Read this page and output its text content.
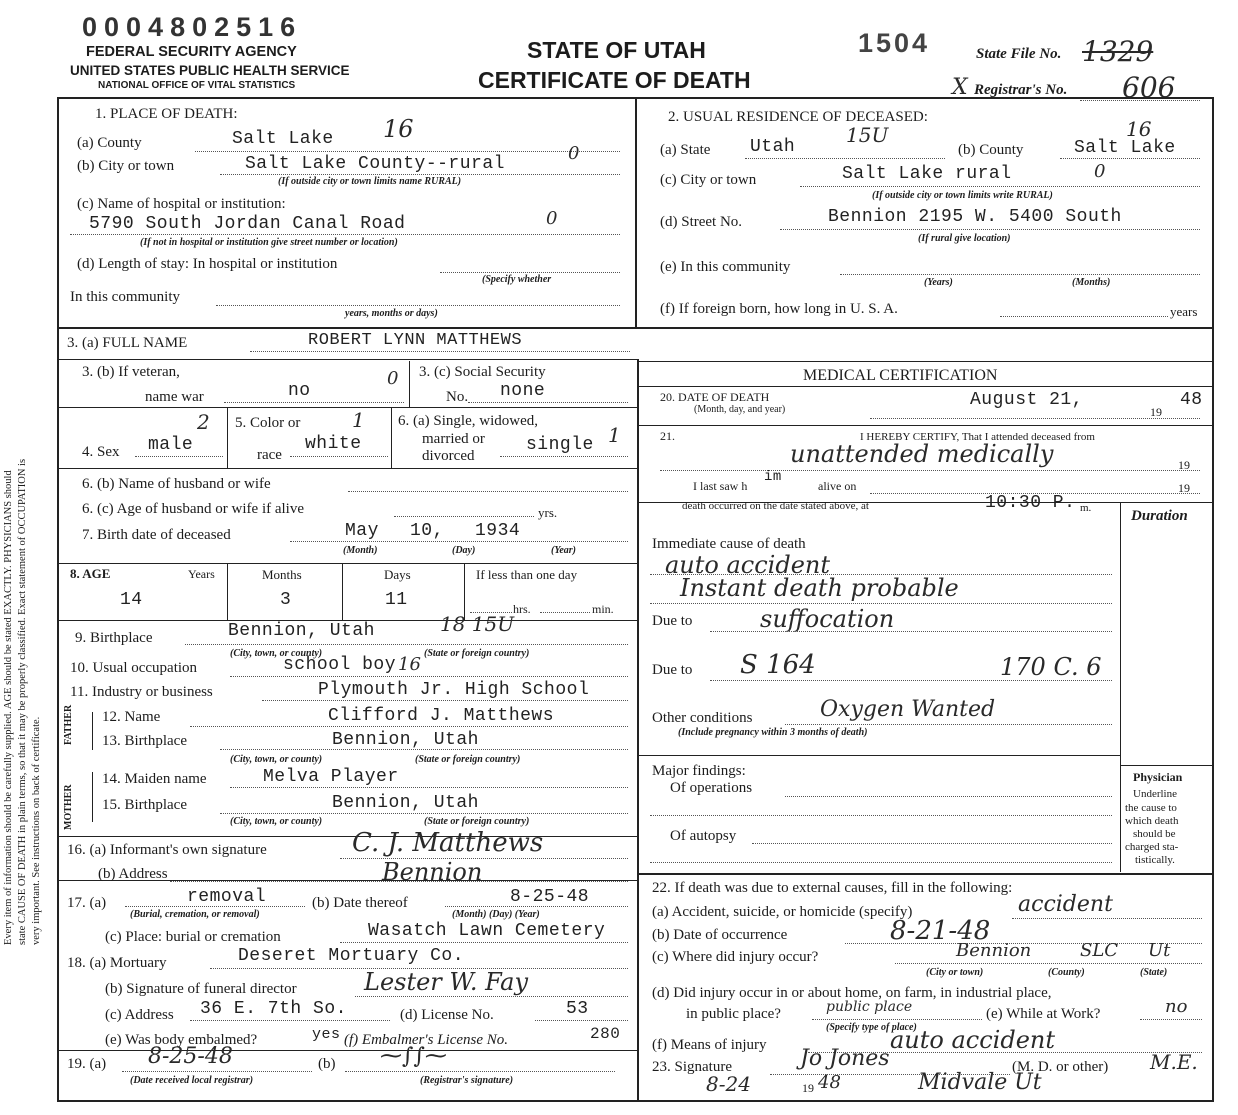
Every item of information should be carefully supplied. AGE should be stated EXACTLY. PHYSICIANS should state CAUSE OF DEATH in plain terms, so that it may be properly classified. Exact statement of OCCUPATION is very important. See instructions on back of certificate.
0004802516
FEDERAL SECURITY AGENCY
UNITED STATES PUBLIC HEALTH SERVICE
NATIONAL OFFICE OF VITAL STATISTICS
STATE OF UTAH
CERTIFICATE OF DEATH
1504	State File No. 1329
X Registrar's No. 606
1. PLACE OF DEATH:
(a) County	Salt Lake 16
(b) City or town	Salt Lake County--rural	0
(If outside city or town limits name RURAL)
(c) Name of hospital or institution:
5790 South Jordan Canal Road	0
(If not in hospital or institution give street number or location)
(d) Length of stay: In hospital or institution
(Specify whether
In this community
years, months or days)
2. USUAL RESIDENCE OF DECEASED:
(a) State Utah	15U
(b) County	Salt Lake
16
(c) City or town	Salt Lake rural	0
(If outside city or town limits write RURAL)
(d) Street No.	Bennion 2195 W. 5400 South
(If rural give location)
(e) In this community
(Years)	(Months)
(f) If foreign born, how long in U. S. A.	years
3. (a) FULL NAME	ROBERT LYNN MATTHEWS
3. (b) If veteran,
name war	no
0 3. (c) Social Security
No. none
4. Sex male
2 5. Color or
race
white
1 6. (a) Single, widowed,
married or
divorced
single 1
6. (b) Name of husband or wife
6. (c) Age of husband or wife if alive	yrs.
7. Birth date of deceased	May 10, 1934
(Month)	(Day)	(Year)
8. AGE	Years	Months	Days	If less than one day
14	3	11	hrs.	min.
9. Birthplace	Bennion, Utah	18 15U
(City, town, or county)	(State or foreign country)
10. Usual occupation	school boy 16
11. Industry or business	Plymouth Jr. High School
FATHER
MOTHER
12. Name	Clifford J. Matthews
13. Birthplace	Bennion, Utah
(City, town, or county)	(State or foreign country)
14. Maiden name	Melva Player
15. Birthplace	Bennion, Utah
(City, town, or county)	(State or foreign country)
16. (a) Informant's own signature	C. J. Matthews
(b) Address	Bennion
17. (a)	removal
(Burial, cremation, or removal)
(b) Date thereof	8-25-48
(Month) (Day) (Year)
(c) Place: burial or cremation	Wasatch Lawn Cemetery
18. (a) Mortuary	Deseret Mortuary Co.
(b) Signature of funeral director	Lester W. Fay
(c) Address 36 E. 7th So.	(d) License No.	53
(e) Was body embalmed?	yes (f) Embalmer's License No.	280
19. (a) 8-25-48
(Date received local registrar)
(b) ⁓∫∫⁓
(Registrar's signature)
MEDICAL CERTIFICATION
20. DATE OF DEATH
(Month, day, and year)	August 21,
19
48
21.	I HEREBY CERTIFY, That I attended deceased from
unattended medically	19
I last saw h
im
alive on	19
death occurred on the date stated above, at	10:30 P. m.	Duration
Immediate cause of death
auto accident
Instant death probable
Due to	suffocation
Due to S 164	170 C. 6
Other conditions	Oxygen Wanted
(Include pregnancy within 3 months of death)
Major findings:
Of operations
Of autopsy
Physician
Underline
the cause to
which death
should be
charged sta-
tistically.
22. If death was due to external causes, fill in the following:
(a) Accident, suicide, or homicide (specify)	accident
(b) Date of occurrence	8-21-48
(c) Where did injury occur?	Bennion	SLC Ut
(City or town)	(County)	(State)
(d) Did injury occur in or about home, on farm, in industrial place,
in public place?	public place
(Specify type of place)
(e) While at Work?	no
(f) Means of injury	auto accident
23. Signature	Jo Jones	(M. D. or other) M.E.
8-24	19 48	Midvale Ut
